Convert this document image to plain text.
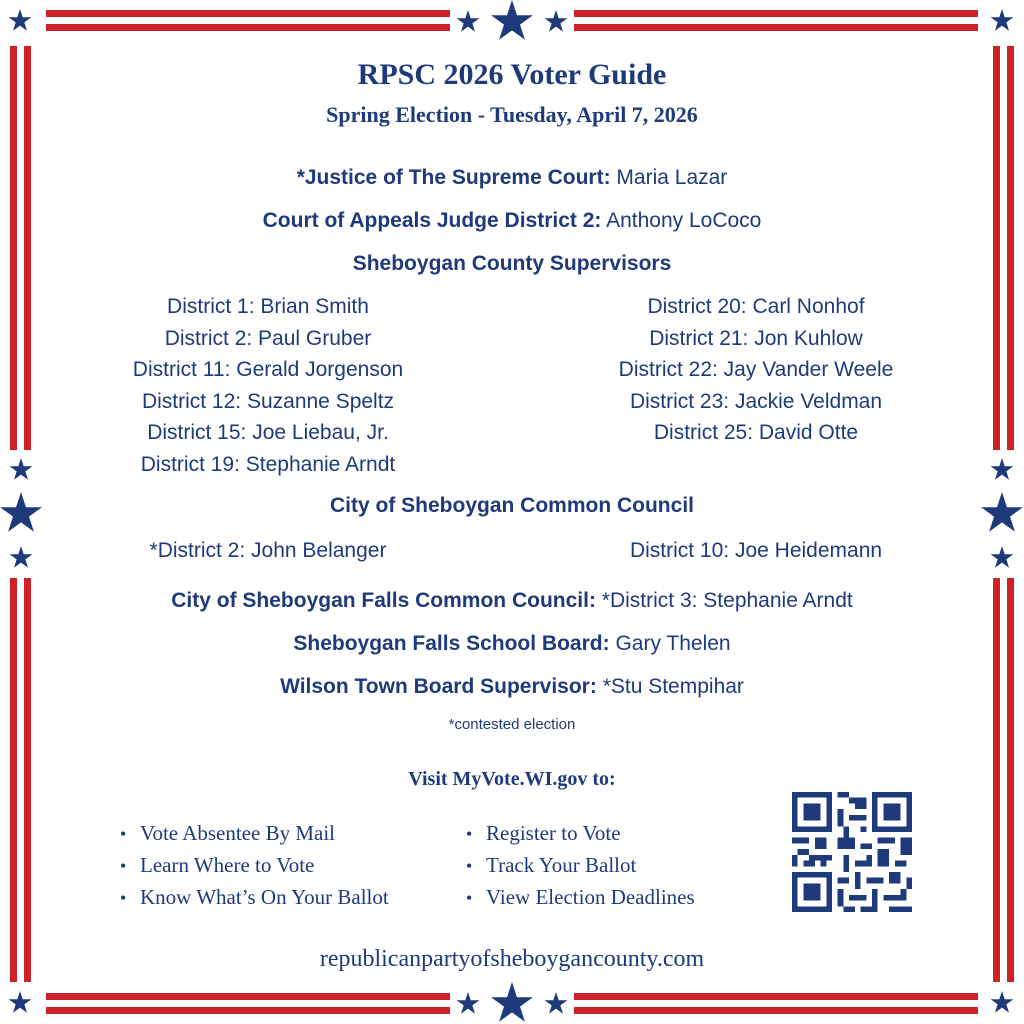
RPSC 2026 Voter Guide
Spring Election - Tuesday, April 7, 2026
*Justice of The Supreme Court: Maria Lazar
Court of Appeals Judge District 2: Anthony LoCoco
Sheboygan County Supervisors
District 1: Brian Smith
District 2: Paul Gruber
District 11: Gerald Jorgenson
District 12: Suzanne Speltz
District 15: Joe Liebau, Jr.
District 19: Stephanie Arndt
District 20: Carl Nonhof
District 21: Jon Kuhlow
District 22: Jay Vander Weele
District 23: Jackie Veldman
District 25: David Otte
City of Sheboygan Common Council
*District 2: John Belanger	District 10: Joe Heidemann
City of Sheboygan Falls Common Council: *District 3: Stephanie Arndt
Sheboygan Falls School Board: Gary Thelen
Wilson Town Board Supervisor: *Stu Stempihar
*contested election
Visit MyVote.WI.gov to:
• Vote Absentee By Mail
• Learn Where to Vote
• Know What’s On Your Ballot
• Register to Vote
• Track Your Ballot
• View Election Deadlines
republicanpartyofsheboygancounty.com
